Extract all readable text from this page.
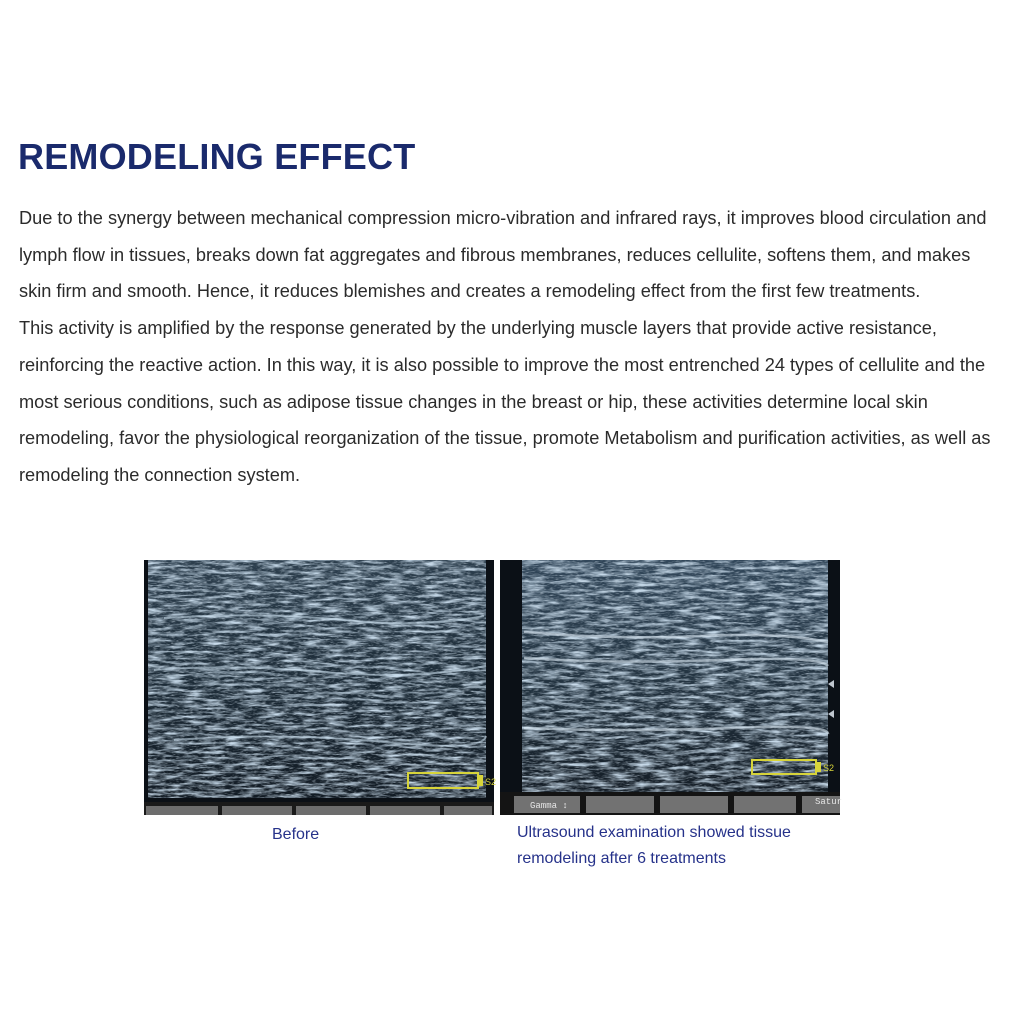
REMODELING EFFECT

Due to the synergy between mechanical compression micro-vibration and infrared rays, it improves blood circulation and lymph flow in tissues, breaks down fat aggregates and fibrous membranes, reduces cellulite, softens them, and makes skin firm and smooth. Hence, it reduces blemishes and creates a remodeling effect from the first few treatments.

This activity is amplified by the response generated by the underlying muscle layers that provide active resistance, reinforcing the reactive action. In this way, it is also possible to improve the most entrenched 24 types of cellulite and the most serious conditions, such as adipose tissue changes in the breast or hip, these activities determine local skin remodeling, favor the physiological reorganization of the tissue, promote Metabolism and purification activities, as well as remodeling the connection system.

S2
Before
S2
Gamma ↕	Satur
Ultrasound examination showed tissue remodeling after 6 treatments
